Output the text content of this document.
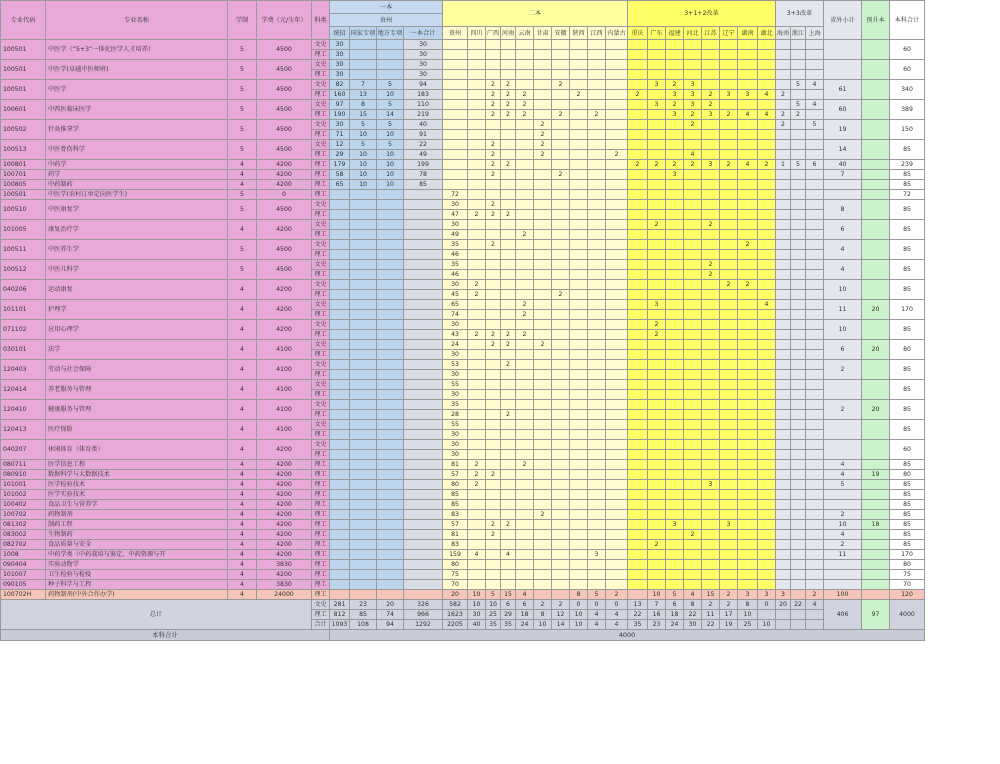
专业代码	专业名称	学制	学费（元/生年）	科类	一本				二本										3+1+2改革								3+3改革			省外小计	预升本	本科合计
					贵州																											
					统招	国家专项	地方专项	一本合计	贵州	四川	广西	河南	云南	甘肃	安徽	陕西	江西	内蒙古	重庆	广东	福建	河北	江苏	辽宁	湖南	湖北	海南	浙江	上海			
100501	中医学（“5+3”一体化医学人才培养）	5	4500	文史	30			30																								60
				理工	30			30																								
100501	中医学(卓越中医师班)	5	4500	文史	30			30																								60
				理工	30			30																								
100501	中医学	5	4500	文史	82	7	5	94			2	2			2					3	2	3						5	4	61		340
				理工	160	13	10	183			2	2	2			2			2		3	3	2	3	3	4	2					
100601	中西医临床医学	5	4500	文史	97	8	5	110			2	2	2							3	2	3	2					5	4	60		389
				理工	190	15	14	219			2	2	2		2		2				3	2	3	2	4	4	2	2				
100502	针灸推拿学	5	4500	文史	30	5	5	40						2								2					2		5	19		150
				理工	71	10	10	91						2																		
100513	中医骨伤科学	5	4500	文史	12	5	5	22			2			2																14		85
				理工	29	10	10	49			2			2				2				4										
100801	中药学	4	4200	理工	179	10	10	199			2	2							2	2	2	2	3	2	4	2	1	5	6	40		239
100701	药学	4	4200	理工	58	10	10	78			2				2						3									7		85
100805	中药制药	4	4200	理工	65	10	10	85																								85
100501	中医学(农村订单定向医学生)	5	0	理工					72																							72
100510	中医康复学	5	4500	文史					30		2																			8		85
				理工					47	2	2	2																				
101005	康复治疗学	4	4200	文史					30											2			2							6		85
				理工					49				2																			
100511	中医养生学	5	4500	文史					35		2														2					4		85
				理工					46																							
100512	中医儿科学	5	4500	文史					35														2							4		85
				理工					46														2									
040206	运动康复	4	4200	文史					30	2														2	2					10		85
				理工					45	2					2																	
101101	护理学	4	4200	文史					65				2							3						4				11	20	170
				理工					74				2																			
071102	应用心理学	4	4200	文史					30											2										10		85
				理工					43	2	2	2	2							2												
030101	法学	4	4100	文史					24		2	2		2																6	20	80
				理工					30																							
120403	劳动与社会保障	4	4100	文史					53			2																		2		85
				理工					30																							
120414	养老服务与管理	4	4100	文史					55																							85
				理工					30																							
120410	健康服务与管理	4	4100	文史					35																					2	20	85
				理工					28			2																				
120413	医疗保险	4	4100	文史					55																							85
				理工					30																							
040207	休闲体育（体育类）	4	4200	文史					30																							60
				理工					30																							
080711	医学信息工程	4	4200	理工					81	2			2																	4		85
080910	数据科学与大数据技术	4	4200	理工					57	2	2																			4	19	80
101001	医学检验技术	4	4200	理工					80	2													3							5		85
101002	医学实验技术	4	4200	理工					85																							85
100402	食品卫生与营养学	4	4200	理工					85																							85
100702	药物制剂	4	4200	理工					83					2																2		85
081302	制药工程	4	4200	理工					57		2	2									3			3						10	18	85
083002	生物制药	4	4200	理工					81		2											2								4		85
082702	食品质量与安全	4	4200	理工					83											2										2		85
1008	中药学类（中药栽培与鉴定、中药资源与开	4	4200	理工					159	4		4					3													11		170
090404	实验动物学	4	3830	理工					80																							80
101007	卫生检验与检疫	4	4200	理工					75																							75
090105	种子科学与工程	4	3830	理工					70																							70
100702H	药物制剂(中外合作办学)	4	24000	理工					20	10	5	15	4			8	5	2		10	5	4	15	2	3	3	3		2	100		120
总计				文史	281	23	20	326	582	10	10	6	6	2	2	0	0	0	13	7	6	8	2	2	8	0	20	22	4	406	97	4000
				理工	812	85	74	966	1623	30	25	29	18	8	12	10	4	4	22	16	18	22	11	17	10							
				合计	1093	108	94	1292	2205	40	35	35	24	10	14	10	4	4	35	23	24	30	22	19	25	10						
本科合计					4000																											
